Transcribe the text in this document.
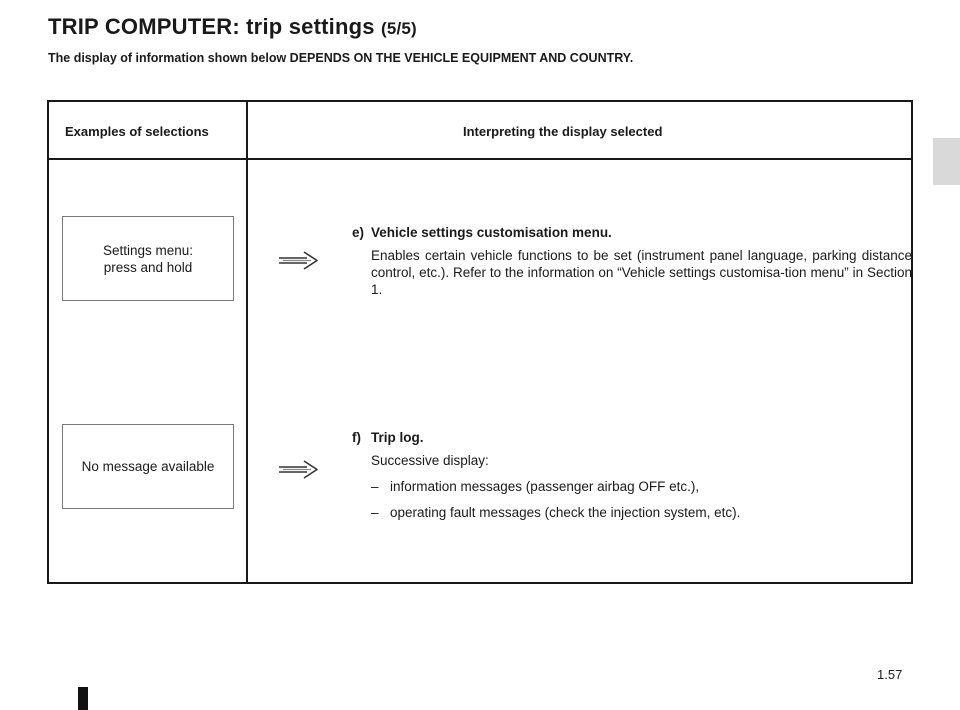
TRIP COMPUTER: trip settings (5/5)
The display of information shown below DEPENDS ON THE VEHICLE EQUIPMENT AND COUNTRY.
Examples of selections	Interpreting the display selected
Settings menu:
press and hold
e) Vehicle settings customisation menu.

Enables certain vehicle functions to be set (instrument panel language, parking distance control, etc.). Refer to the information on “Vehicle settings customisa-tion menu” in Section 1.

No message available
f) Trip log.

Successive display:

– information messages (passenger airbag OFF etc.),
– operating fault messages (check the injection system, etc).
1.57
